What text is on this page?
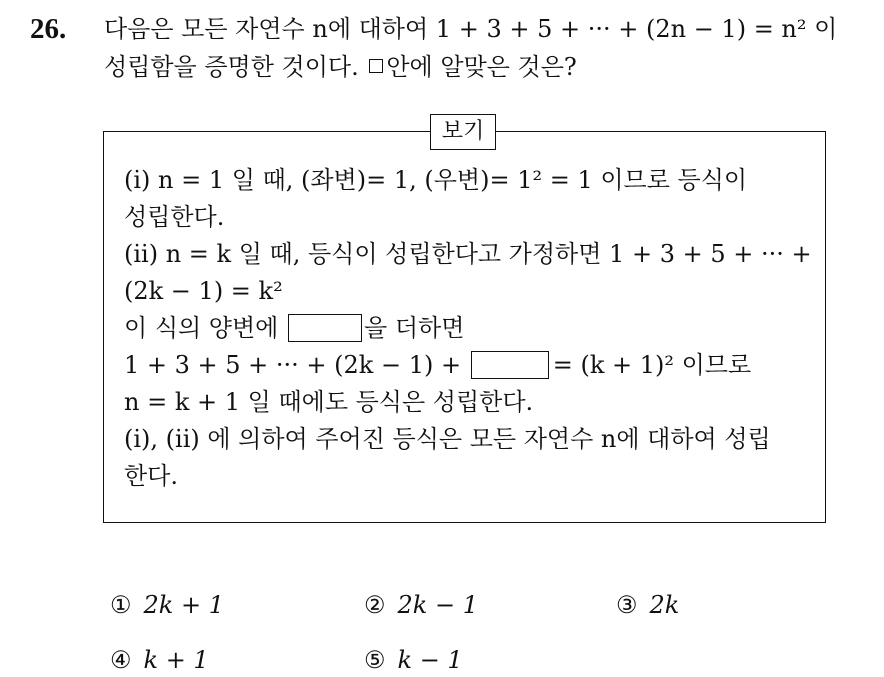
26. 다음은 모든 자연수 n에 대하여 1 + 3 + 5 + ··· + (2n − 1) = n² 이
성립함을 증명한 것이다. 안에 알맞은 것은?
보기
(i) n = 1 일 때, (좌변)= 1, (우변)= 1² = 1 이므로 등식이
성립한다.
(ii) n = k 일 때, 등식이 성립한다고 가정하면 1 + 3 + 5 + ··· +
(2k − 1) = k²
이 식의 양변에	을 더하면
1 + 3 + 5 + ··· + (2k − 1) +	= (k + 1)² 이므로
n = k + 1 일 때에도 등식은 성립한다.
(i), (ii) 에 의하여 주어진 등식은 모든 자연수 n에 대하여 성립
한다.
① 2k + 1	② 2k − 1	③ 2k
④ k + 1	⑤ k − 1
